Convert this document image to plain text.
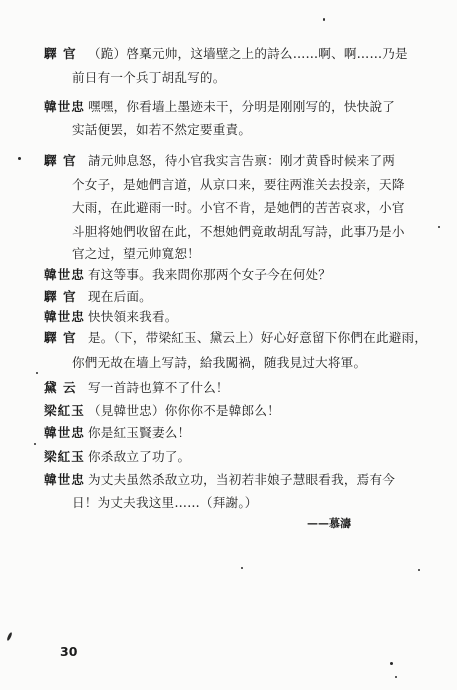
驛 官 （跪）啓稟元帅，这墙壁之上的詩么……啊、啊……乃是
前日有一个兵丁胡乱写的。
韓世忠 嘿嘿，你看墙上墨迹未干，分明是刚刚写的，快快說了
实話便罢，如若不然定要重責。
驛 官 請元帅息怒，待小官我实言告禀：刚才黄昏时候来了两
个女子，是她們言道，从京口来，要往两淮关去投亲，天降
大雨，在此避雨一时。小官不肯，是她們的苦苦哀求，小官
斗胆将她們收留在此，不想她們竟敢胡乱写詩，此事乃是小
官之过，望元帅寬恕！
韓世忠 有这等事。我来問你那两个女子今在何处？
驛 官 现在后面。
韓世忠 快快領来我看。
驛 官 是。（下，带梁紅玉、黛云上）好心好意留下你們在此避雨，
你們无故在墙上写詩，給我闖禍，随我見过大将軍。
黛 云 写一首詩也算不了什么！
梁紅玉 （見韓世忠）你你你不是韓郎么！
韓世忠 你是紅玉賢妻么！
梁紅玉 你杀敌立了功了。
韓世忠 为丈夫虽然杀敌立功，当初若非娘子慧眼看我，焉有今
日！为丈夫我这里……（拜謝。）
——慕濤
30
